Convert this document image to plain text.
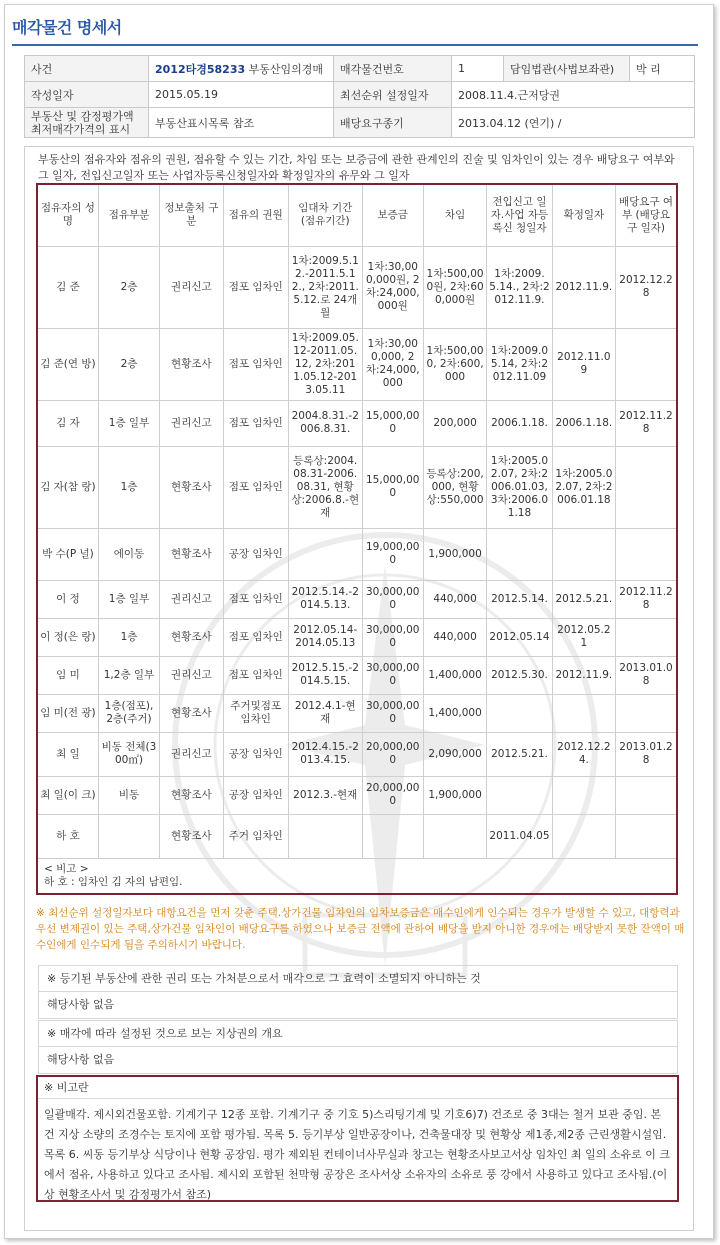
매각물건 명세서
사건	2012타경58233 부동산임의경매	매각물건번호	1	담임법관(사법보좌관)	박 리
작성일자	2015.05.19	최선순위 설정일자	2008.11.4.근저당권		
부동산 및 감정평가액 최저매각가격의 표시	부동산표시목록 참조	배당요구종기	2013.04.12 (연기) /		
부동산의 점유자와 점유의 권원, 점유할 수 있는 기간, 차임 또는 보증금에 관한 관계인의 진술 및 임차인이 있는 경우 배당요구 여부와 그 일자, 전입신고일자 또는 사업자등록신청일자와 확정일자의 유무와 그 일자
점유자의 성명	점유부분	정보출처 구분	점유의 권원	임대차 기간 (점유기간)	보증금	차임	전입신고 일자.사업 자등록신 청일자	확정일자	배당요구 여부 (배당요구 일자)
김 준	2층	권리신고	점포 임차인	1차:2009.5.12.-2011.5.12., 2차:2011.5.12.로 24개월	1차:30,000,000원, 2차:24,000,000원	1차:500,000원, 2차:600,000원	1차:2009.5.14., 2차:2012.11.9.	2012.11.9.	2012.12.28
김 준(연 방)	2층	현황조사	점포 임차인	1차:2009.05.12-2011.05.12, 2차:2011.05.12-2013.05.11	1차:30,000,000, 2차:24,000,000	1차:500,000, 2차:600,000	1차:2009.05.14, 2차:2012.11.09	2012.11.09	
김 자	1층 일부	권리신고	점포 임차인	2004.8.31.-2006.8.31.	15,000,000	200,000	2006.1.18.	2006.1.18.	2012.11.28
김 자(참 랑)	1층	현황조사	점포 임차인	등록상:2004.08.31-2006.08.31, 현황상:2006.8.-현재	15,000,000	등록상:200,000, 현황상:550,000	1차:2005.02.07, 2차:2006.01.03, 3차:2006.01.18	1차:2005.02.07, 2차:2006.01.18	
박 수(P 널)	에이동	현황조사	공장 임차인		19,000,000	1,900,000			
이 정	1층 일부	권리신고	점포 임차인	2012.5.14.-2014.5.13.	30,000,000	440,000	2012.5.14.	2012.5.21.	2012.11.28
이 정(은 랑)	1층	현황조사	점포 임차인	2012.05.14-2014.05.13	30,000,000	440,000	2012.05.14	2012.05.21	
임 미	1,2층 일부	권리신고	점포 임차인	2012.5.15.-2014.5.15.	30,000,000	1,400,000	2012.5.30.	2012.11.9.	2013.01.08
임 미(전 광)	1층(점포), 2층(주거)	현황조사	주거및점포 임차인	2012.4.1-현재	30,000,000	1,400,000			
최 일	비동 전체(300㎡)	권리신고	공장 임차인	2012.4.15.-2013.4.15.	20,000,000	2,090,000	2012.5.21.	2012.12.24.	2013.01.28
최 일(이 크)	비동	현황조사	공장 임차인	2012.3.-현재	20,000,000	1,900,000			
하 호		현황조사	주거 임차인				2011.04.05		

< 비고 >
하 호 : 임차인 김 자의 남편임.									
※ 최선순위 설정일자보다 대항요건을 먼저 갖춘 주택.상가건물 임차인의 임차보증금은 매수인에게 인수되는 경우가 발생할 수 있고, 대항력과 우선 변제권이 있는 주택,상가건물 임차인이 배당요구를 하였으나 보증금 전액에 관하여 배당을 받지 아니한 경우에는 배당받지 못한 잔액이 매수인에게 인수되게 됨을 주의하시기 바랍니다.
※ 등기된 부동산에 관한 권리 또는 가처분으로서 매각으로 그 효력이 소멸되지 아니하는 것
해당사항 없음
※ 매각에 따라 설정된 것으로 보는 지상권의 개요
해당사항 없음
※ 비고란
일괄매각. 제시외건물포함. 기계기구 12종 포함. 기계기구 중 기호 5)스리팅기계 및 기호6)7) 건조로 중 3대는 철거 보관 중임. 본 건 지상 소량의 조경수는 토지에 포함 평가됨. 목록 5. 등기부상 일반공장이나, 건축물대장 및 현황상 제1종,제2종 근린생활시설임. 목록 6. 씨동 등기부상 식당이나 현황 공장임. 평가 제외된 컨테이너사무실과 창고는 현황조사보고서상 임차인 최 일의 소유로 이 크에서 점유, 사용하고 있다고 조사됨. 제시외 포함된 천막형 공장은 조사서상 소유자의 소유로 풍 강에서 사용하고 있다고 조사됨.(이상 현황조사서 및 감정평가서 참조)
